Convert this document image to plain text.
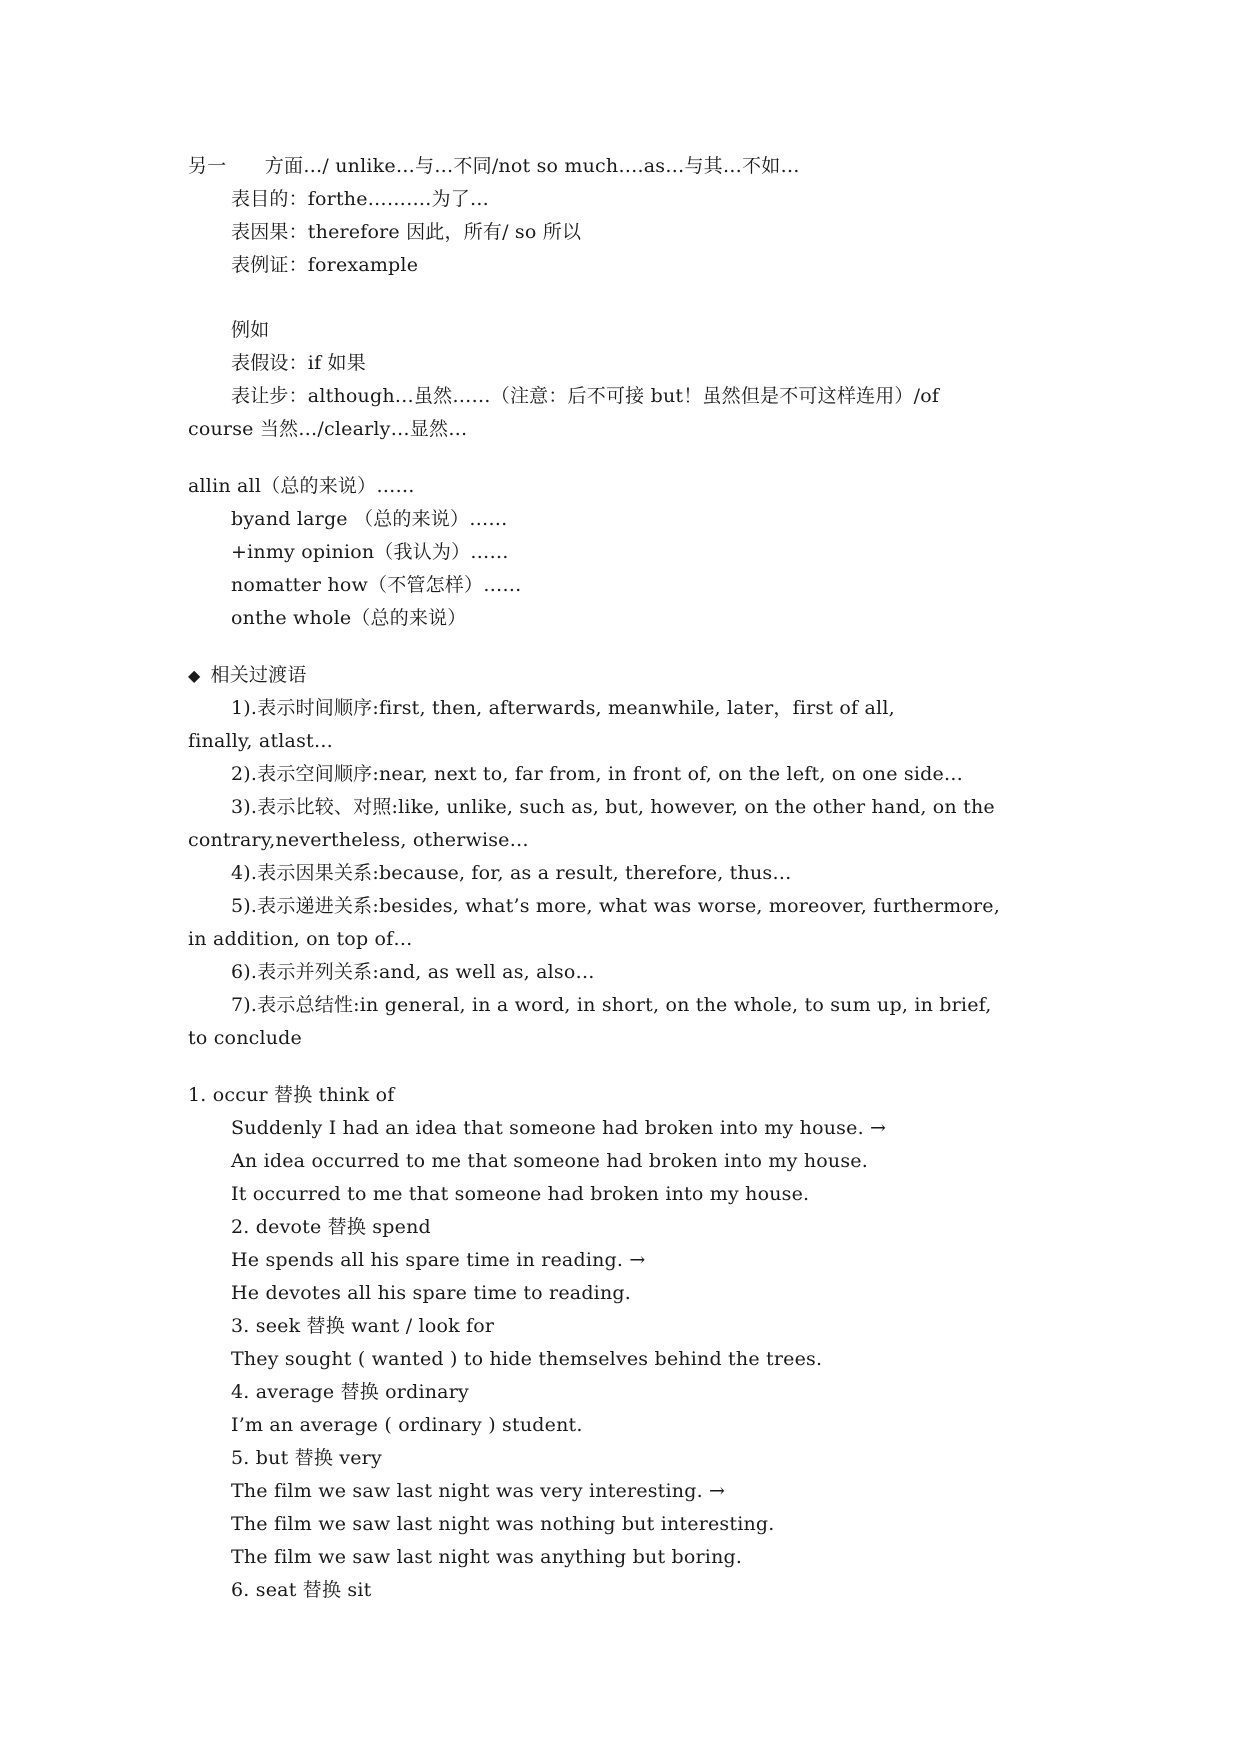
另一　　方面…/ unlike…与…不同/not so much….as…与其…不如…
表目的：forthe……….为了…
表因果：therefore 因此，所有/ so 所以
表例证：forexample
例如
表假设：if 如果
表让步：although…虽然……（注意：后不可接 but！虽然但是不可这样连用）/of
course 当然…/clearly…显然…
allin all（总的来说）……
byand large （总的来说）……
+inmy opinion（我认为）……
nomatter how（不管怎样）……
onthe whole（总的来说）
◆ 相关过渡语
1).表示时间顺序:first, then, afterwards, meanwhile, later，first of all,
finally, atlast…
2).表示空间顺序:near, next to, far from, in front of, on the left, on one side…
3).表示比较、对照:like, unlike, such as, but, however, on the other hand, on the
contrary,nevertheless, otherwise…
4).表示因果关系:because, for, as a result, therefore, thus…
5).表示递进关系:besides, what’s more, what was worse, moreover, furthermore,
in addition, on top of…
6).表示并列关系:and, as well as, also…
7).表示总结性:in general, in a word, in short, on the whole, to sum up, in brief,
to conclude
1. occur 替换 think of
Suddenly I had an idea that someone had broken into my house. →
An idea occurred to me that someone had broken into my house.
It occurred to me that someone had broken into my house.
2. devote 替换 spend
He spends all his spare time in reading. →
He devotes all his spare time to reading.
3. seek 替换 want / look for
They sought ( wanted ) to hide themselves behind the trees.
4. average 替换 ordinary
I’m an average ( ordinary ) student.
5. but 替换 very
The film we saw last night was very interesting. →
The film we saw last night was nothing but interesting.
The film we saw last night was anything but boring.
6. seat 替换 sit
